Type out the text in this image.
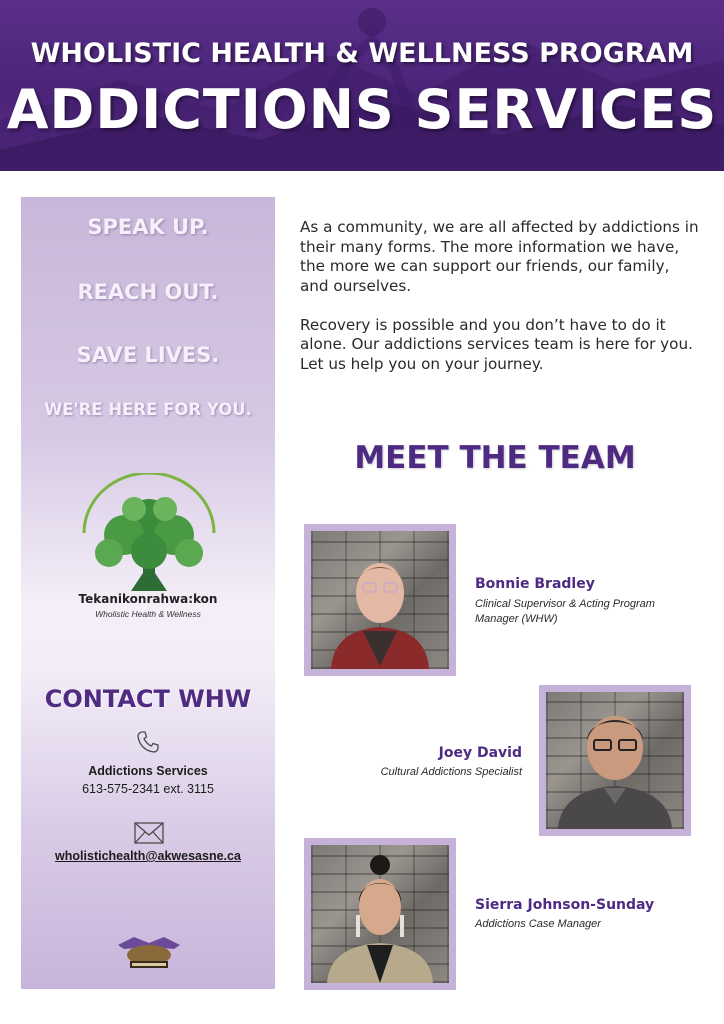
WHOLISTIC HEALTH & WELLNESS PROGRAM
ADDICTIONS SERVICES
SPEAK UP.
REACH OUT.
SAVE LIVES.
WE'RE HERE FOR YOU.
Tekanikonrahwa:kon
Wholistic Health & Wellness
CONTACT WHW
Addictions Services
613-575-2341 ext. 3115
wholistichealth@akwesasne.ca

As a community, we are all affected by addictions in their many forms. The more information we have, the more we can support our friends, our family, and ourselves.

Recovery is possible and you don’t have to do it alone. Our addictions services team is here for you. Let us help you on your journey.

MEET THE TEAM
Bonnie Bradley
Clinical Supervisor & Acting Program Manager (WHW)
Joey David
Cultural Addictions Specialist
Sierra Johnson-Sunday
Addictions Case Manager
